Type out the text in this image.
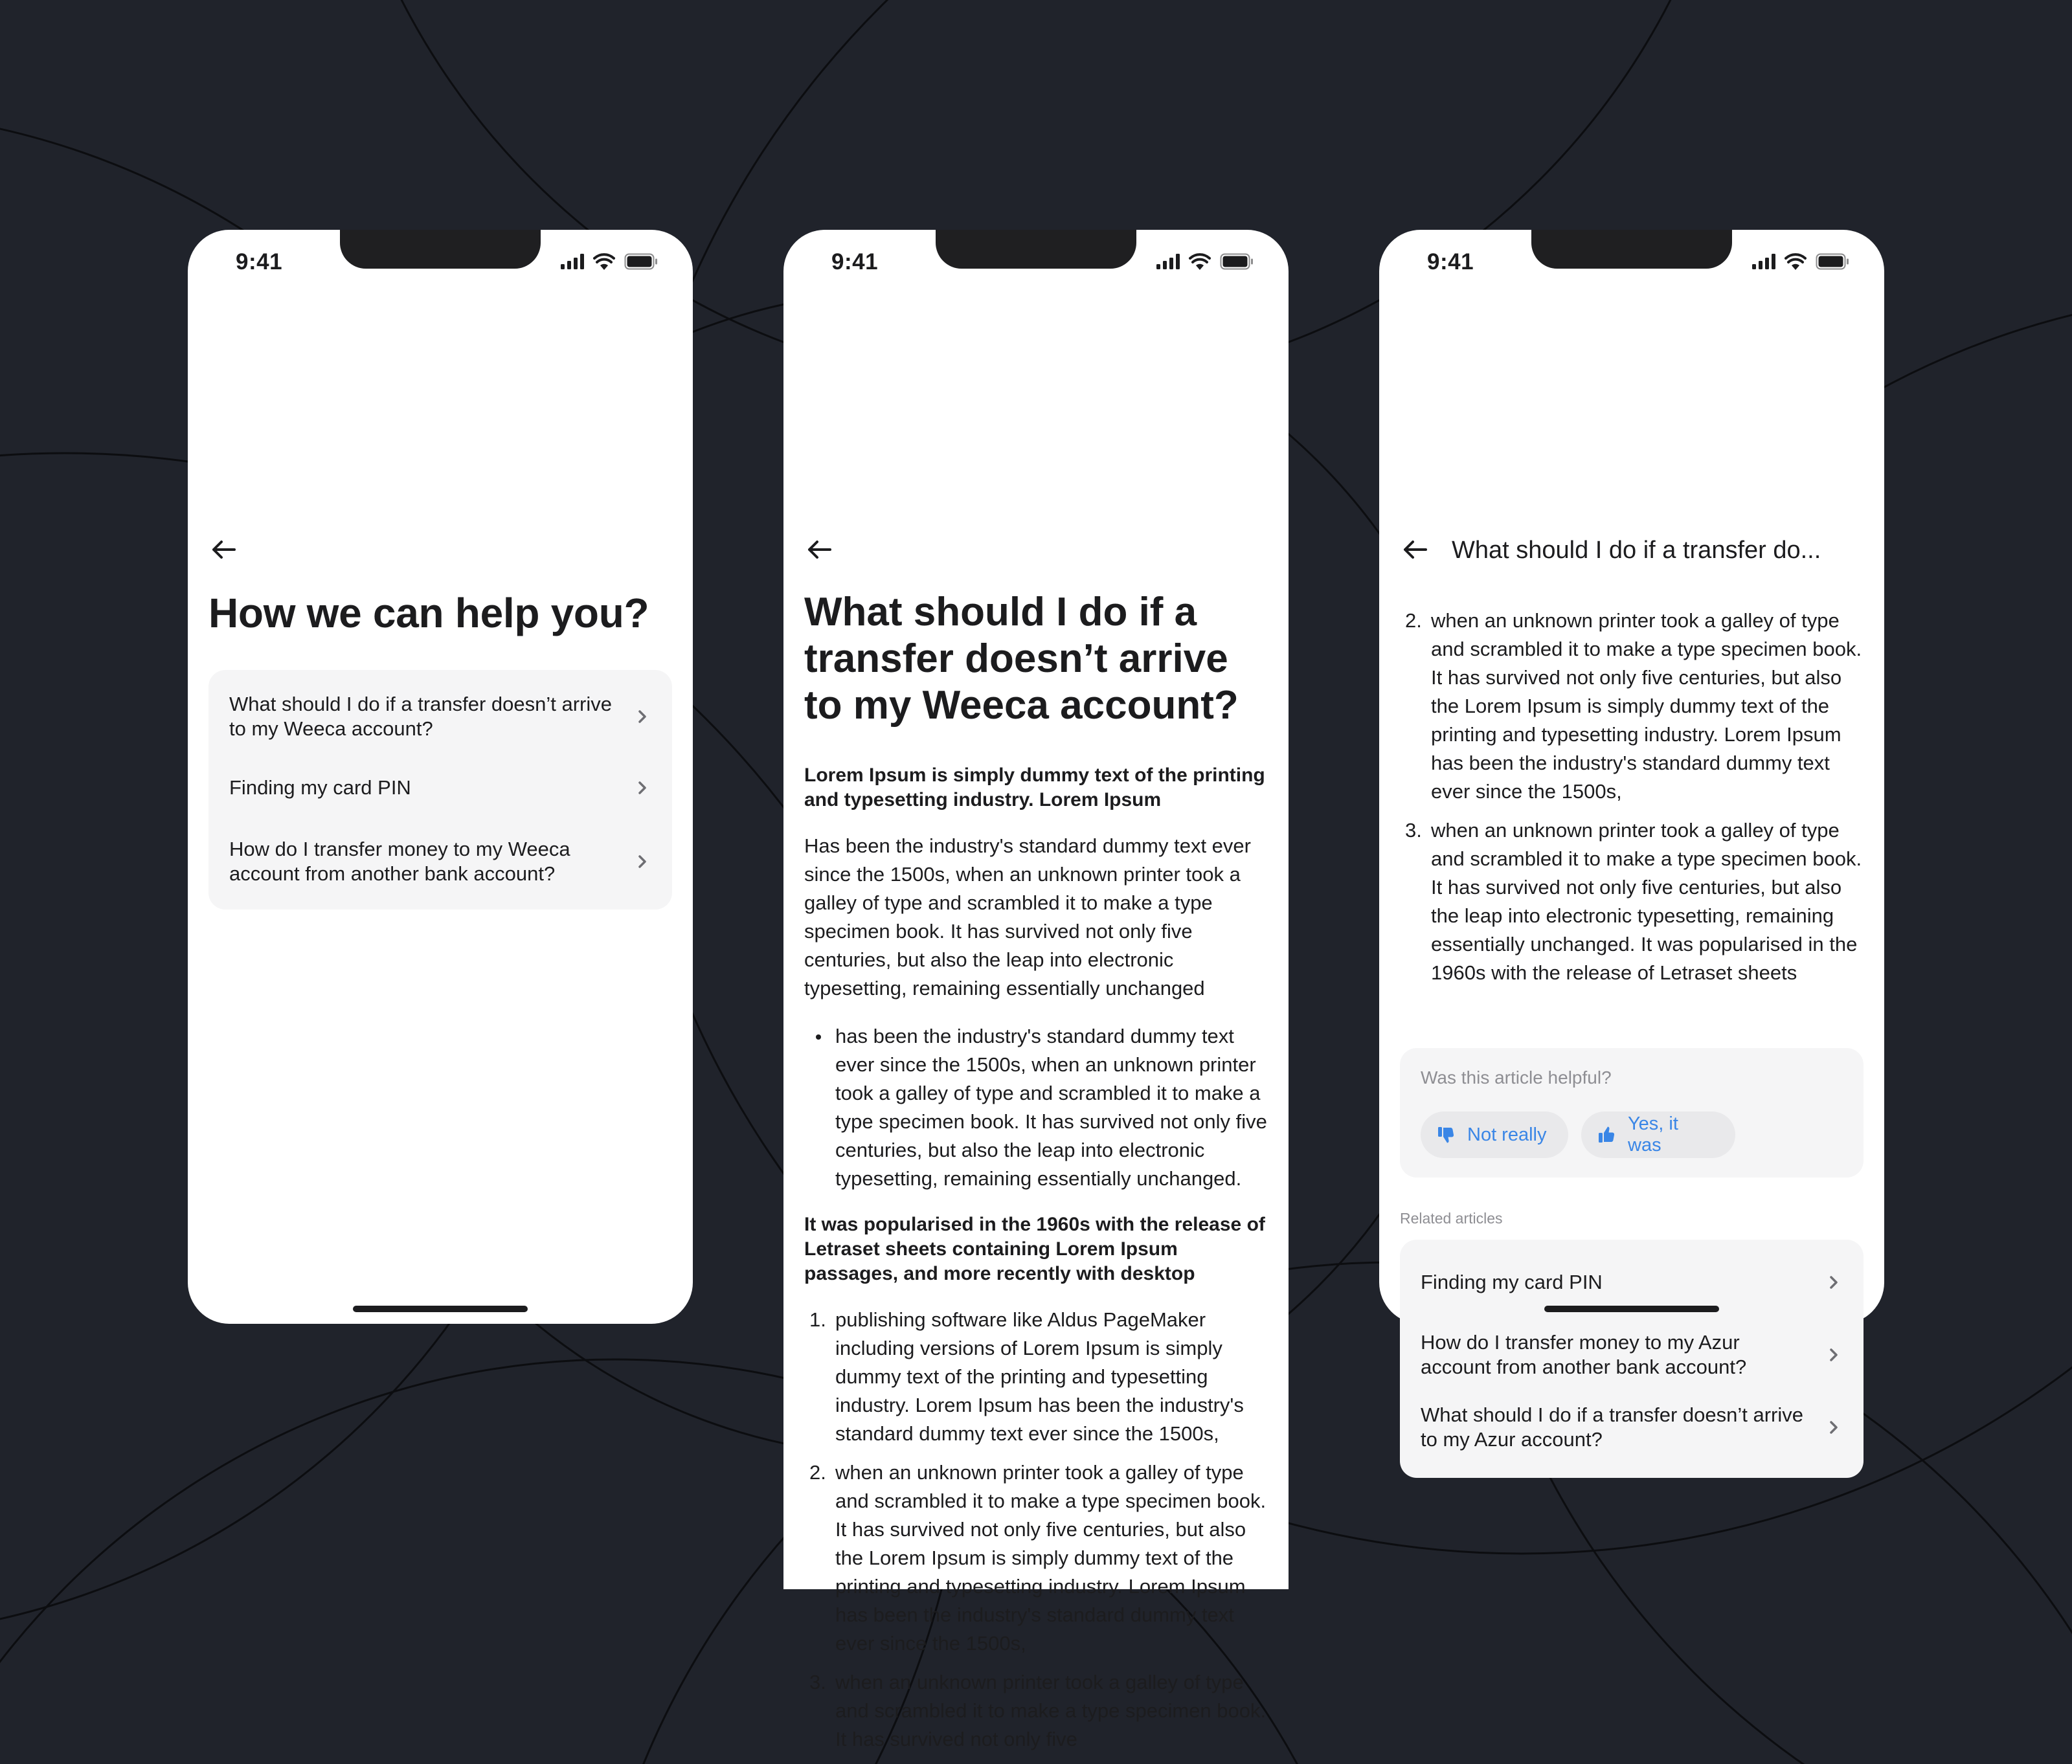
9:41
How we can help you?
What should I do if a transfer doesn’t arrive to my Weeca account?
Finding my card PIN
How do I transfer money to my Weeca account from another bank account?
9:41
What should I do if a transfer doesn’t arrive to my Weeca account?

Lorem Ipsum is simply dummy text of the printing and typesetting industry. Lorem Ipsum

Has been the industry's standard dummy text ever since the 1500s, when an unknown printer took a galley of type and scrambled it to make a type specimen book. It has survived not only five centuries, but also the leap into electronic typesetting, remaining essentially unchanged

has been the industry's standard dummy text ever since the 1500s, when an unknown printer took a galley of type and scrambled it to make a type specimen book. It has survived not only five centuries, but also the leap into electronic typesetting, remaining essentially unchanged.

It was popularised in the 1960s with the release of Letraset sheets containing Lorem Ipsum passages, and more recently with desktop

1. publishing software like Aldus PageMaker including versions of Lorem Ipsum is simply dummy text of the printing and typesetting industry. Lorem Ipsum has been the industry's standard dummy text ever since the 1500s,
2. when an unknown printer took a galley of type and scrambled it to make a type specimen book. It has survived not only five centuries, but also the Lorem Ipsum is simply dummy text of the printing and typesetting industry. Lorem Ipsum has been the industry's standard dummy text ever since the 1500s,
3. when an unknown printer took a galley of type and scrambled it to make a type specimen book. It has survived not only five
9:41
What should I do if a transfer do...
2. when an unknown printer took a galley of type and scrambled it to make a type specimen book. It has survived not only five centuries, but also the Lorem Ipsum is simply dummy text of the printing and typesetting industry. Lorem Ipsum has been the industry's standard dummy text ever since the 1500s,
3. when an unknown printer took a galley of type and scrambled it to make a type specimen book. It has survived not only five centuries, but also the leap into electronic typesetting, remaining essentially unchanged. It was popularised in the 1960s with the release of Letraset sheets
Was this article helpful?
Not really
Yes, it was
Related articles
Finding my card PIN
How do I transfer money to my Azur account from another bank account?
What should I do if a transfer doesn’t arrive to my Azur account?
